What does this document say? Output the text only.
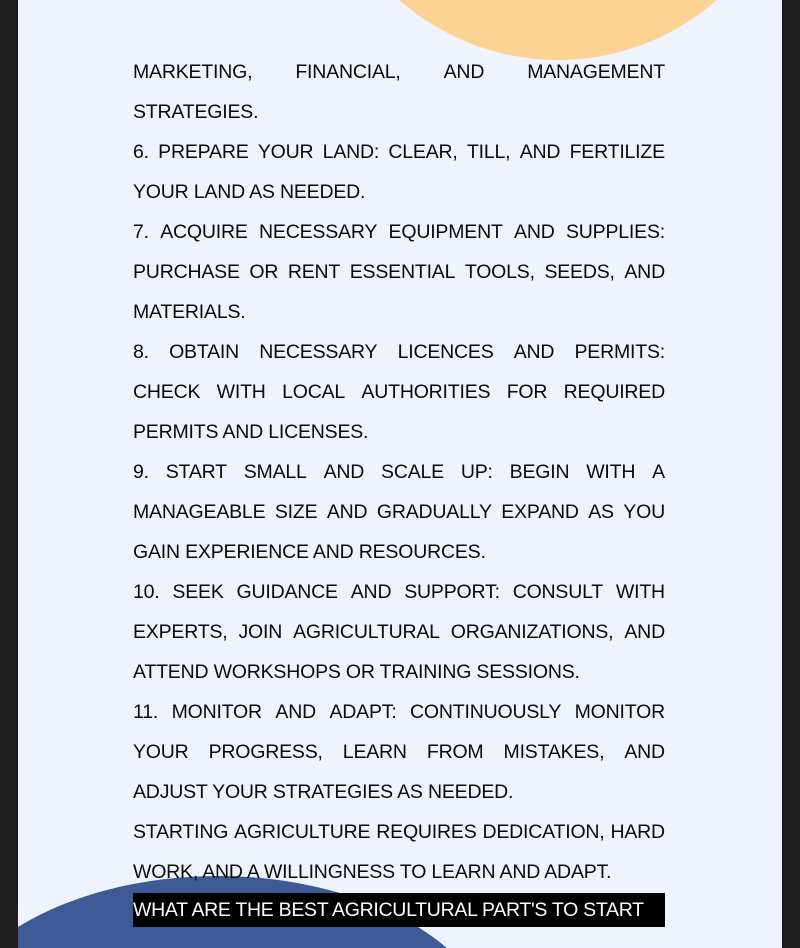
MARKETING, FINANCIAL, AND MANAGEMENT
STRATEGIES.
6. PREPARE YOUR LAND: CLEAR, TILL, AND FERTILIZE
YOUR LAND AS NEEDED.
7. ACQUIRE NECESSARY EQUIPMENT AND SUPPLIES:
PURCHASE OR RENT ESSENTIAL TOOLS, SEEDS, AND
MATERIALS.
8. OBTAIN NECESSARY LICENCES AND PERMITS:
CHECK WITH LOCAL AUTHORITIES FOR REQUIRED
PERMITS AND LICENSES.
9. START SMALL AND SCALE UP: BEGIN WITH A
MANAGEABLE SIZE AND GRADUALLY EXPAND AS YOU
GAIN EXPERIENCE AND RESOURCES.
10. SEEK GUIDANCE AND SUPPORT: CONSULT WITH
EXPERTS, JOIN AGRICULTURAL ORGANIZATIONS, AND
ATTEND WORKSHOPS OR TRAINING SESSIONS.
11. MONITOR AND ADAPT: CONTINUOUSLY MONITOR
YOUR PROGRESS, LEARN FROM MISTAKES, AND
ADJUST YOUR STRATEGIES AS NEEDED.
STARTING AGRICULTURE REQUIRES DEDICATION, HARD
WORK, AND A WILLINGNESS TO LEARN AND ADAPT.
WHAT ARE THE BEST AGRICULTURAL PART'S TO START
